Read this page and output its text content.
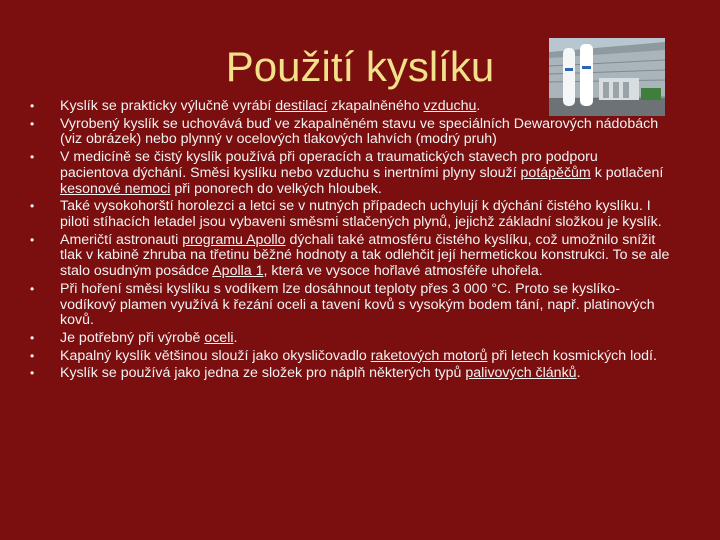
Použití kyslíku
• Kyslík se prakticky výlučně vyrábí destilací zkapalněného vzduchu.
• Vyrobený kyslík se uchovává buď ve zkapalněném stavu ve speciálních Dewarových nádobách (viz obrázek) nebo plynný v ocelových tlakových lahvích (modrý pruh)
• V medicíně se čistý kyslík používá při operacích a traumatických stavech pro podporu pacientova dýchání. Směsi kyslíku nebo vzduchu s inertními plyny slouží potápěčům k potlačení kesonové nemoci při ponorech do velkých hloubek.
• Také vysokohorští horolezci a letci se v nutných případech uchylují k dýchání čistého kyslíku. I piloti stíhacích letadel jsou vybaveni směsmi stlačených plynů, jejichž základní složkou je kyslík.
• Američtí astronauti programu Apollo dýchali také atmosféru čistého kyslíku, což umožnilo snížit tlak v kabině zhruba na třetinu běžné hodnoty a tak odlehčit její hermetickou konstrukci. To se ale stalo osudným posádce Apolla 1, která ve vysoce hořlavé atmosféře uhořela.
• Při hoření směsi kyslíku s vodíkem lze dosáhnout teploty přes 3 000 °C. Proto se kyslíko-vodíkový plamen využívá k řezání oceli a tavení kovů s vysokým bodem tání, např. platinových kovů.
• Je potřebný při výrobě oceli.
• Kapalný kyslík většinou slouží jako okysličovadlo raketových motorů při letech kosmických lodí.
• Kyslík se používá jako jedna ze složek pro náplň některých typů palivových článků.
